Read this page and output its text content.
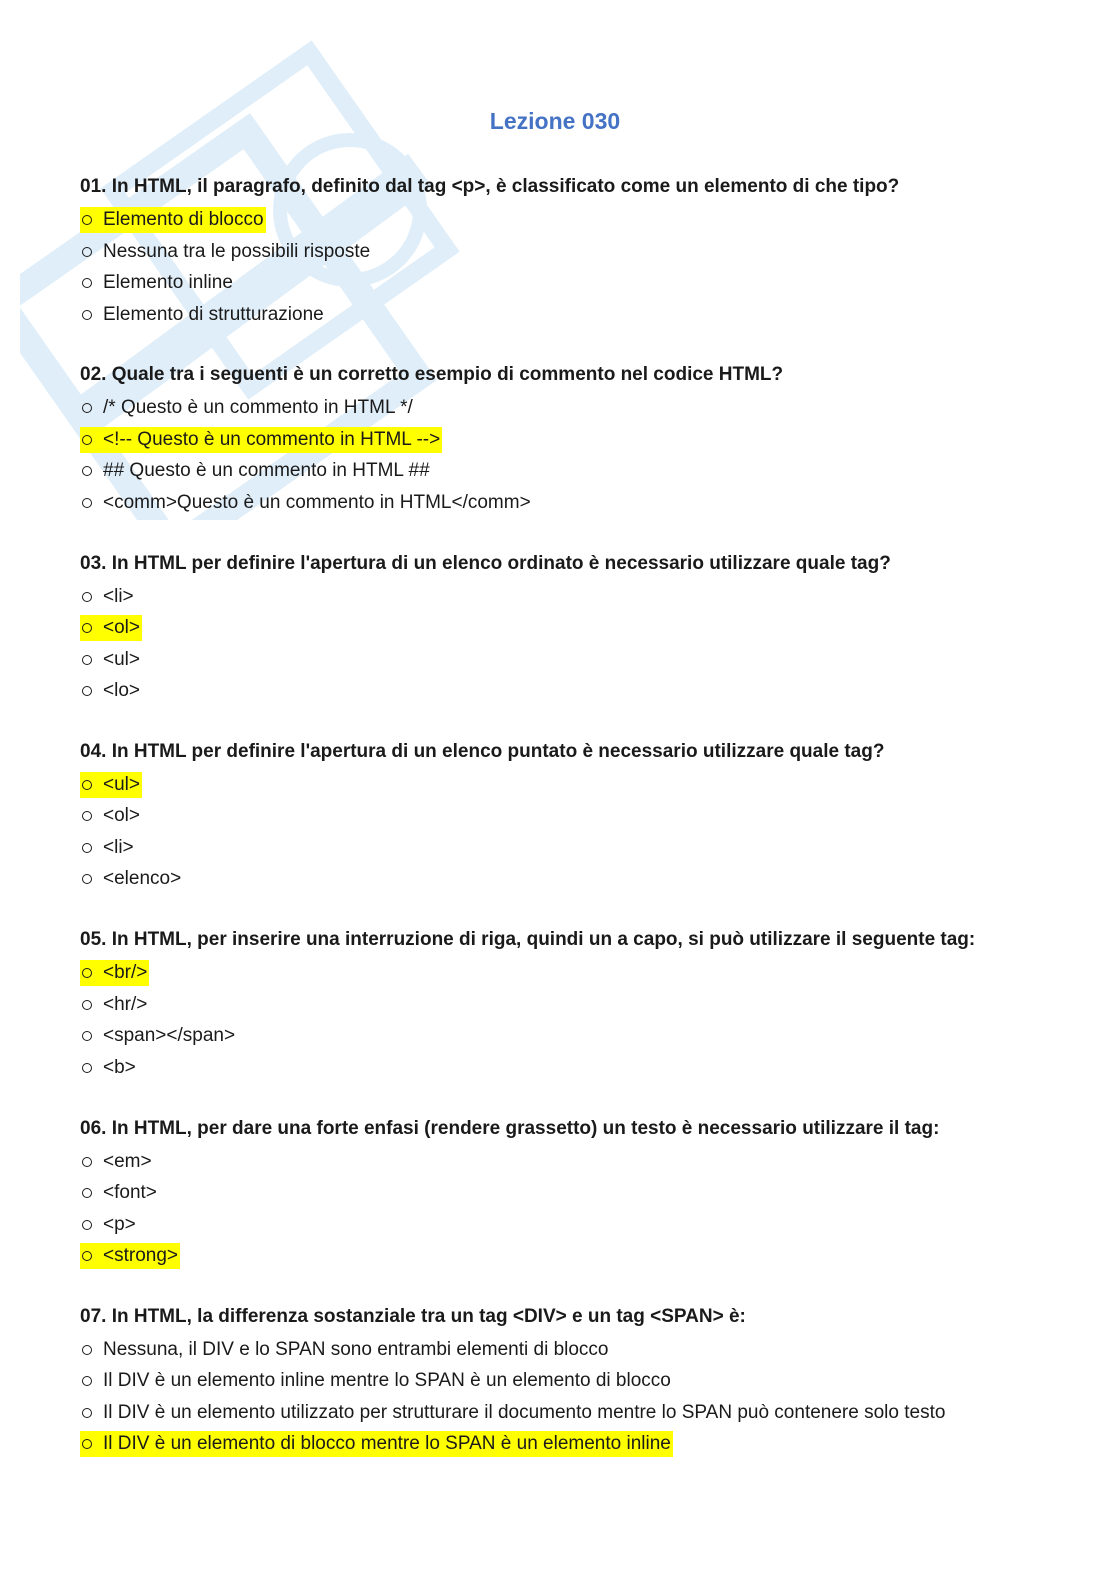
Lezione 030
01. In HTML, il paragrafo, definito dal tag <p>, è classificato come un elemento di che tipo?
Elemento di blocco
Nessuna tra le possibili risposte
Elemento inline
Elemento di strutturazione
02. Quale tra i seguenti è un corretto esempio di commento nel codice HTML?
/* Questo è un commento in HTML */
<!-- Questo è un commento in HTML -->
## Questo è un commento in HTML ##
<comm>Questo è un commento in HTML</comm>
03. In HTML per definire l'apertura di un elenco ordinato è necessario utilizzare quale tag?
<li>
<ol>
<ul>
<lo>
04. In HTML per definire l'apertura di un elenco puntato è necessario utilizzare quale tag?
<ul>
<ol>
<li>
<elenco>
05. In HTML, per inserire una interruzione di riga, quindi un a capo, si può utilizzare il seguente tag:
<br/>
<hr/>
<span></span>
<b>
06. In HTML, per dare una forte enfasi (rendere grassetto) un testo è necessario utilizzare il tag:
<em>
<font>
<p>
<strong>
07. In HTML, la differenza sostanziale tra un tag <DIV> e un tag <SPAN> è:
Nessuna, il DIV e lo SPAN sono entrambi elementi di blocco
Il DIV è un elemento inline mentre lo SPAN è un elemento di blocco
Il DIV è un elemento utilizzato per strutturare il documento mentre lo SPAN può contenere solo testo
Il DIV è un elemento di blocco mentre lo SPAN è un elemento inline
